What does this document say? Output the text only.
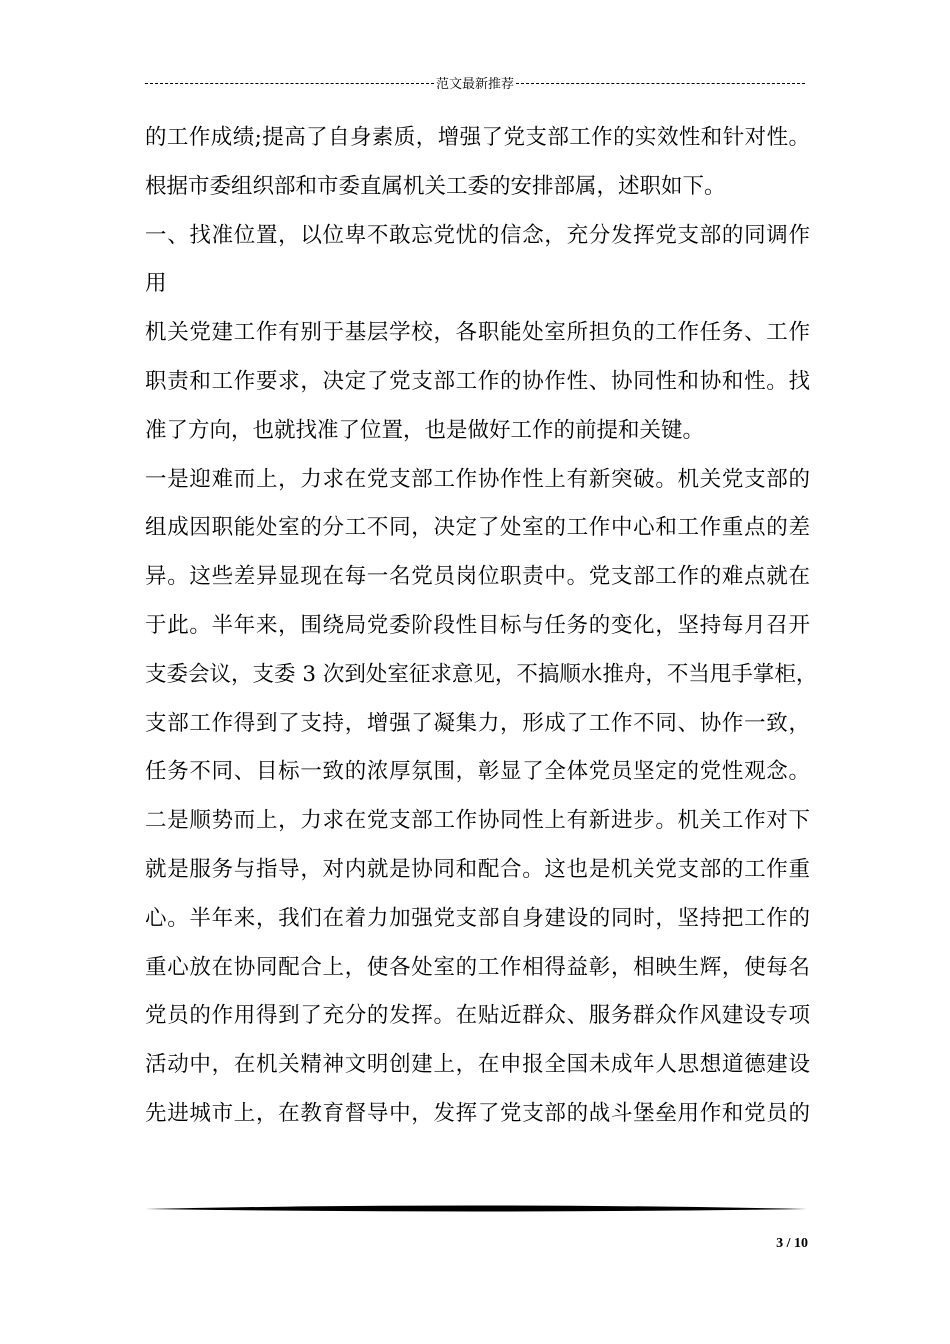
范文最新推荐
的工作成绩;提高了自身素质，增强了党支部工作的实效性和针对性。
根据市委组织部和市委直属机关工委的安排部属，述职如下。
一、找准位置，以位卑不敢忘党忧的信念，充分发挥党支部的同调作
用
机关党建工作有别于基层学校，各职能处室所担负的工作任务、工作
职责和工作要求，决定了党支部工作的协作性、协同性和协和性。找
准了方向，也就找准了位置，也是做好工作的前提和关键。
一是迎难而上，力求在党支部工作协作性上有新突破。机关党支部的
组成因职能处室的分工不同，决定了处室的工作中心和工作重点的差
异。这些差异显现在每一名党员岗位职责中。党支部工作的难点就在
于此。半年来，围绕局党委阶段性目标与任务的变化，坚持每月召开
支委会议，支委 3 次到处室征求意见，不搞顺水推舟，不当甩手掌柜，
支部工作得到了支持，增强了凝集力，形成了工作不同、协作一致，
任务不同、目标一致的浓厚氛围，彰显了全体党员坚定的党性观念。
二是顺势而上，力求在党支部工作协同性上有新进步。机关工作对下
就是服务与指导，对内就是协同和配合。这也是机关党支部的工作重
心。半年来，我们在着力加强党支部自身建设的同时，坚持把工作的
重心放在协同配合上，使各处室的工作相得益彰，相映生辉，使每名
党员的作用得到了充分的发挥。在贴近群众、服务群众作风建设专项
活动中，在机关精神文明创建上，在申报全国未成年人思想道德建设
先进城市上，在教育督导中，发挥了党支部的战斗堡垒用作和党员的
3 / 10
